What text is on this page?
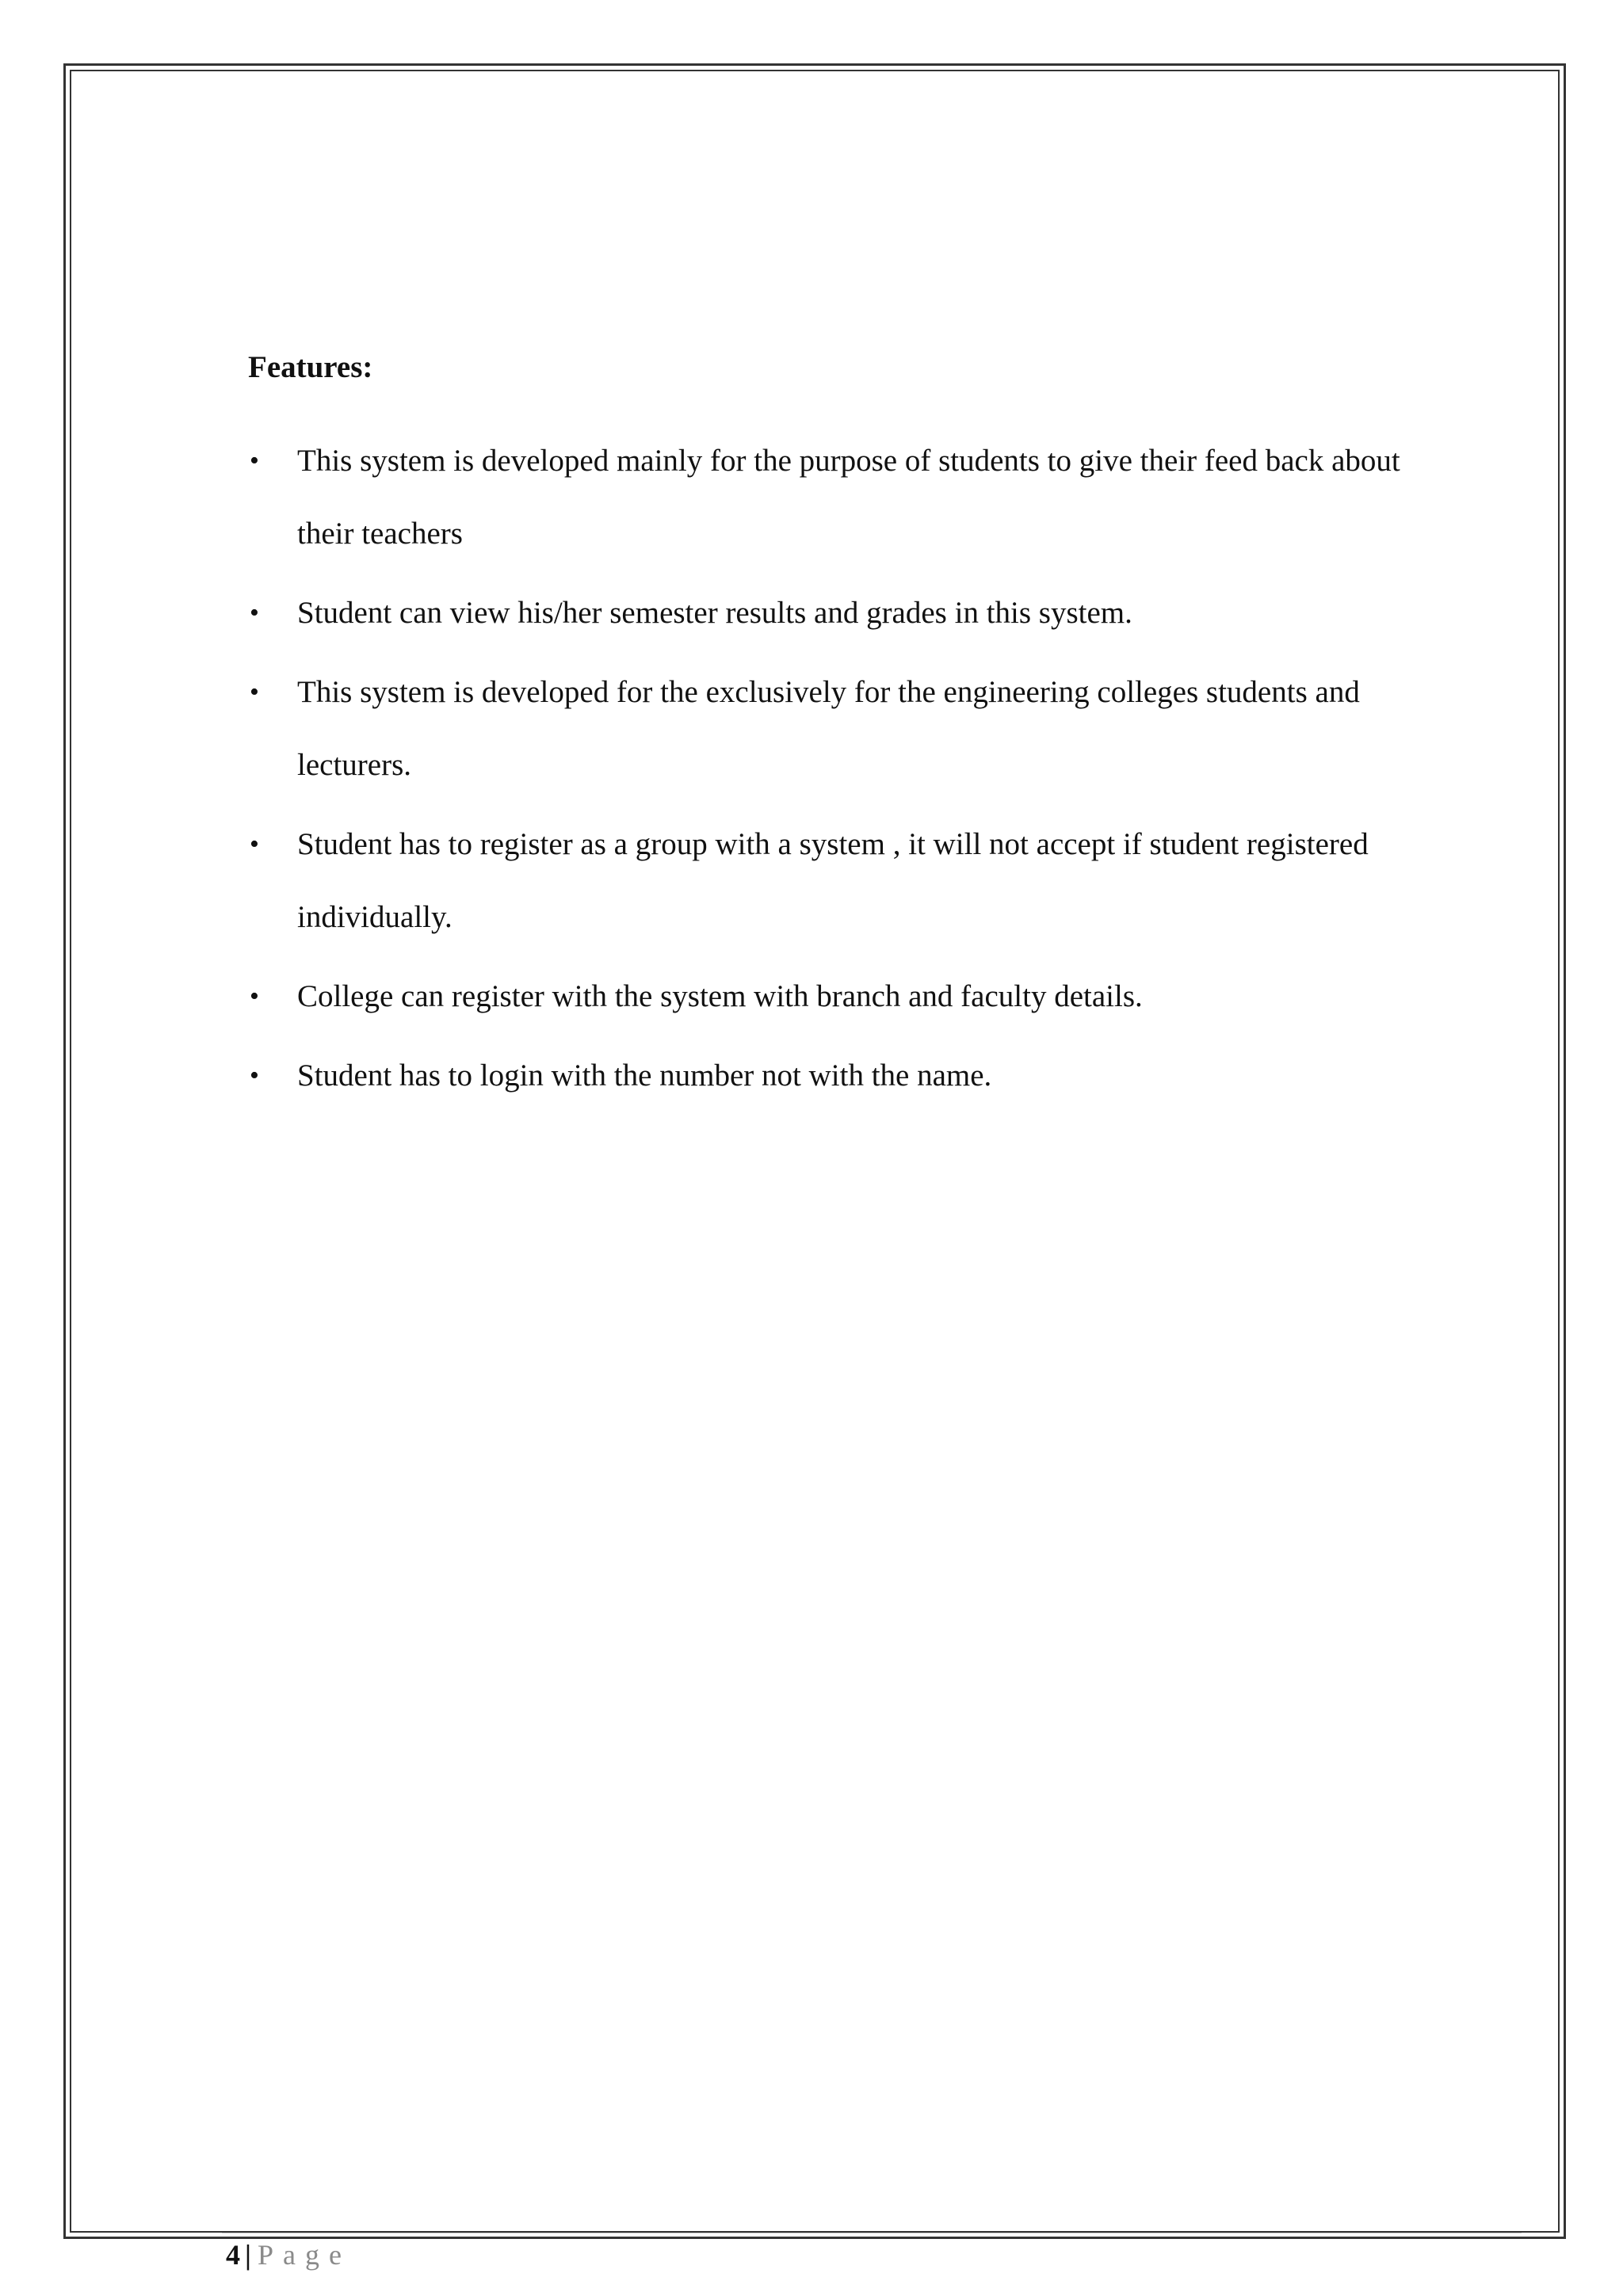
Features:
• This system is developed mainly for the purpose of students to give their feed back about their teachers
• Student can view his/her semester results and grades in this system.
• This system is developed for the exclusively for the engineering colleges students and lecturers.
• Student has to register as a group with a system , it will not accept if student registered individually.
• College can register with the system with branch and faculty details.
• Student has to login with the number not with the name.
4 | Page
